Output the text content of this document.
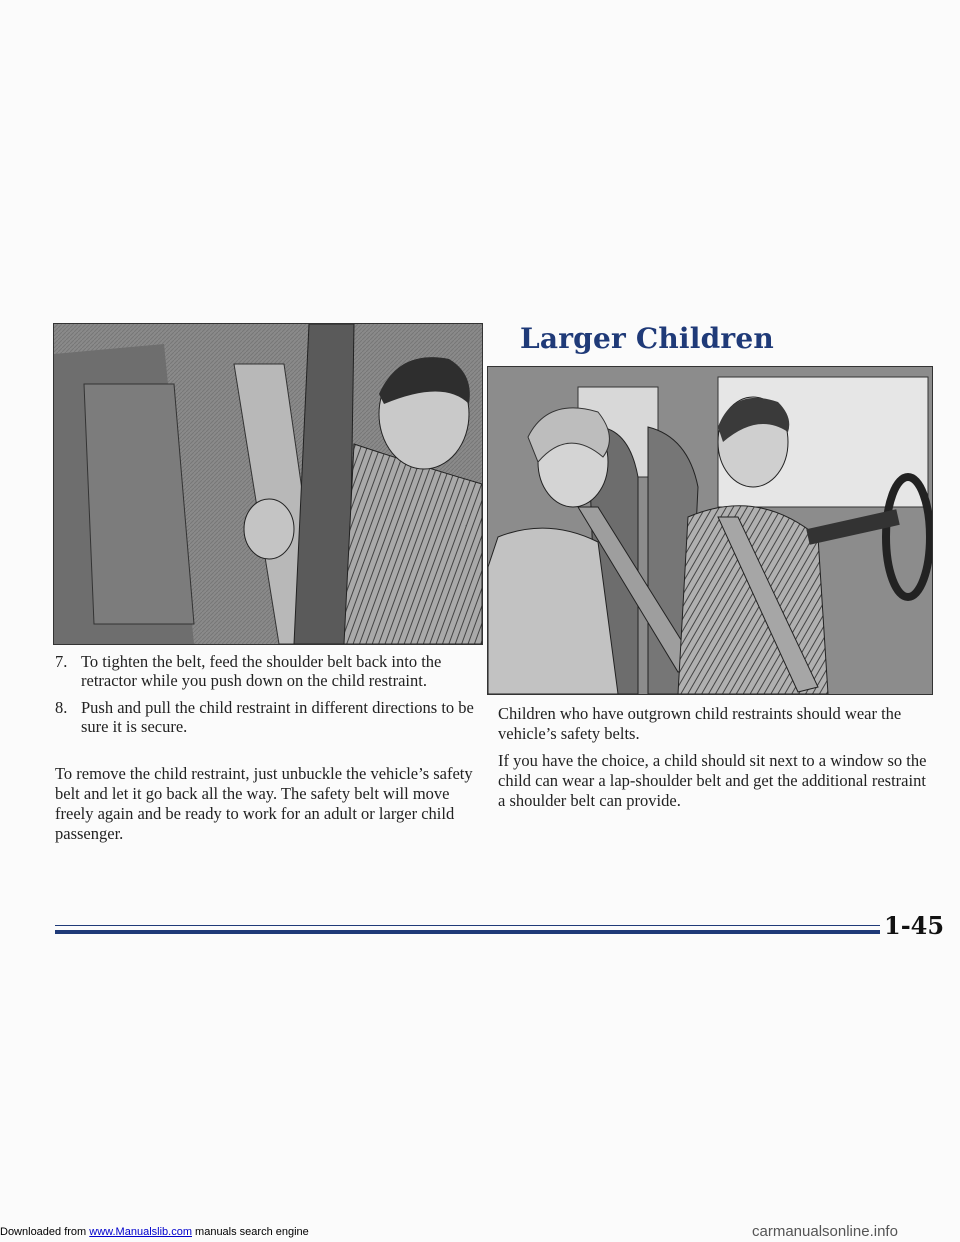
Larger Children
7. To tighten the belt, feed the shoulder belt back into the retractor while you push down on the child restraint.
8. Push and pull the child restraint in different directions to be sure it is secure.

To remove the child restraint, just unbuckle the vehicle’s safety belt and let it go back all the way. The safety belt will move freely again and be ready to work for an adult or larger child passenger.

Children who have outgrown child restraints should wear the vehicle’s safety belts.

If you have the choice, a child should sit next to a window so the child can wear a lap-shoulder belt and get the additional restraint a shoulder belt can provide.

1-45
Downloaded from www.Manualslib.com manuals search engine	carmanualsonline.info
